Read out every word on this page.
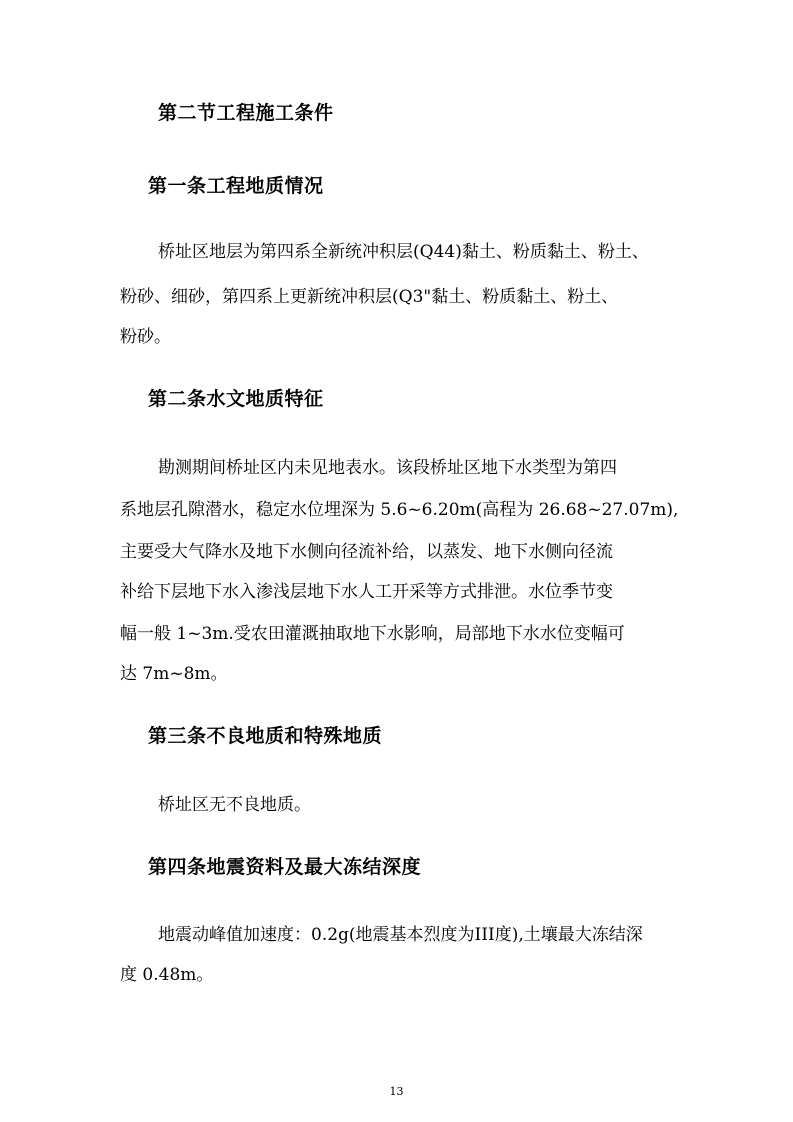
第二节工程施工条件
第一条工程地质情况
桥址区地层为第四系全新统冲积层(Q44)黏土、粉质黏土、粉土、
粉砂、细砂，第四系上更新统冲积层(Q3"黏土、粉质黏土、粉土、
粉砂。
第二条水文地质特征
勘测期间桥址区内未见地表水。该段桥址区地下水类型为第四
系地层孔隙潜水，稳定水位埋深为 5.6~6.20m(高程为 26.68~27.07m),
主要受大气降水及地下水侧向径流补给，以蒸发、地下水侧向径流
补给下层地下水入渗浅层地下水人工开采等方式排泄。水位季节变
幅一般 1~3m.受农田灌溉抽取地下水影响，局部地下水水位变幅可
达 7m~8m。
第三条不良地质和特殊地质
桥址区无不良地质。
第四条地震资料及最大冻结深度
地震动峰值加速度：0.2g(地震基本烈度为III度),土壤最大冻结深
度 0.48m。
13
